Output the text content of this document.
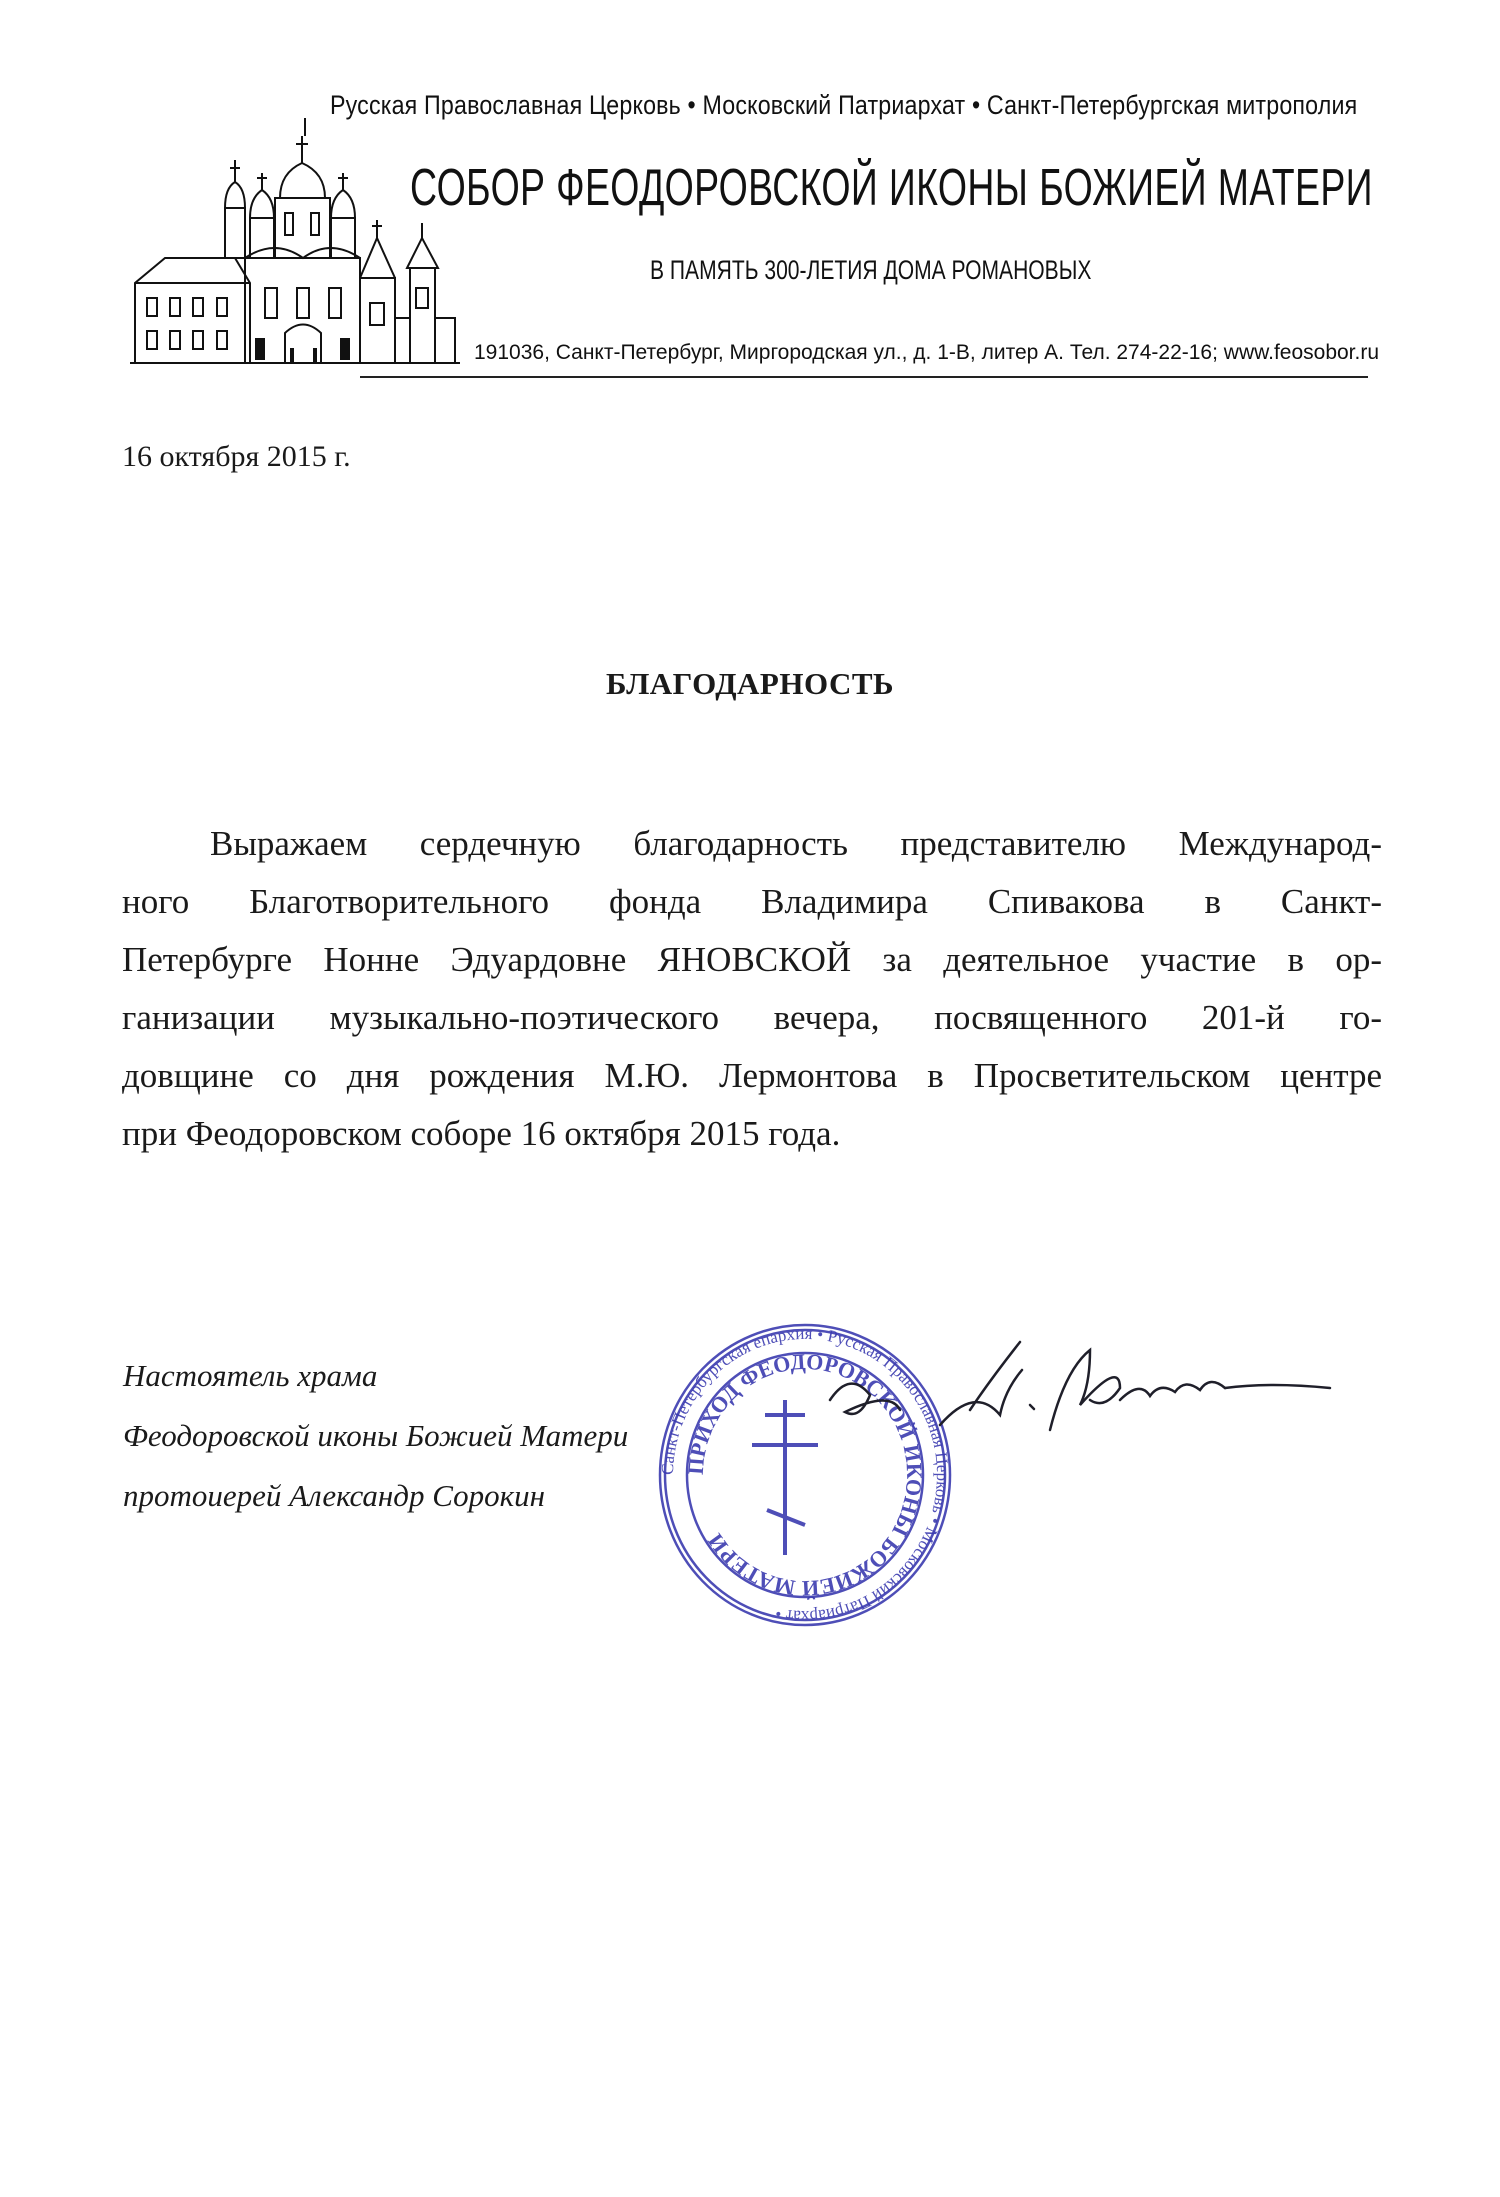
Русская Православная Церковь • Московский Патриархат • Санкт-Петербургская митрополия
СОБОР ФЕОДОРОВСКОЙ ИКОНЫ БОЖИЕЙ МАТЕРИ
В ПАМЯТЬ 300-ЛЕТИЯ ДОМА РОМАНОВЫХ
191036, Санкт-Петербург, Миргородская ул., д. 1-В, литер А. Тел. 274-22-16; www.feosobor.ru
16 октября 2015 г.
БЛАГОДАРНОСТЬ
Выражаем сердечную благодарность представителю Международ-
ного Благотворительного фонда Владимира Спивакова в Санкт-
Петербурге Нонне Эдуардовне ЯНОВСКОЙ за деятельное участие в ор-
ганизации музыкально-поэтического вечера, посвященного 201-й го-
довщине со дня рождения М.Ю. Лермонтова в Просветительском центре
при Феодоровском соборе 16 октября 2015 года.
Настоятель храма
Феодоровской иконы Божией Матери
протоиерей Александр Сорокин
Санкт-Петербургская епархия • Русская Православная Церковь • Московский Патриархат •
ПРИХОД ФЕОДОРОВСКОЙ ИКОНЫ БОЖИЕЙ МАТЕРИ
